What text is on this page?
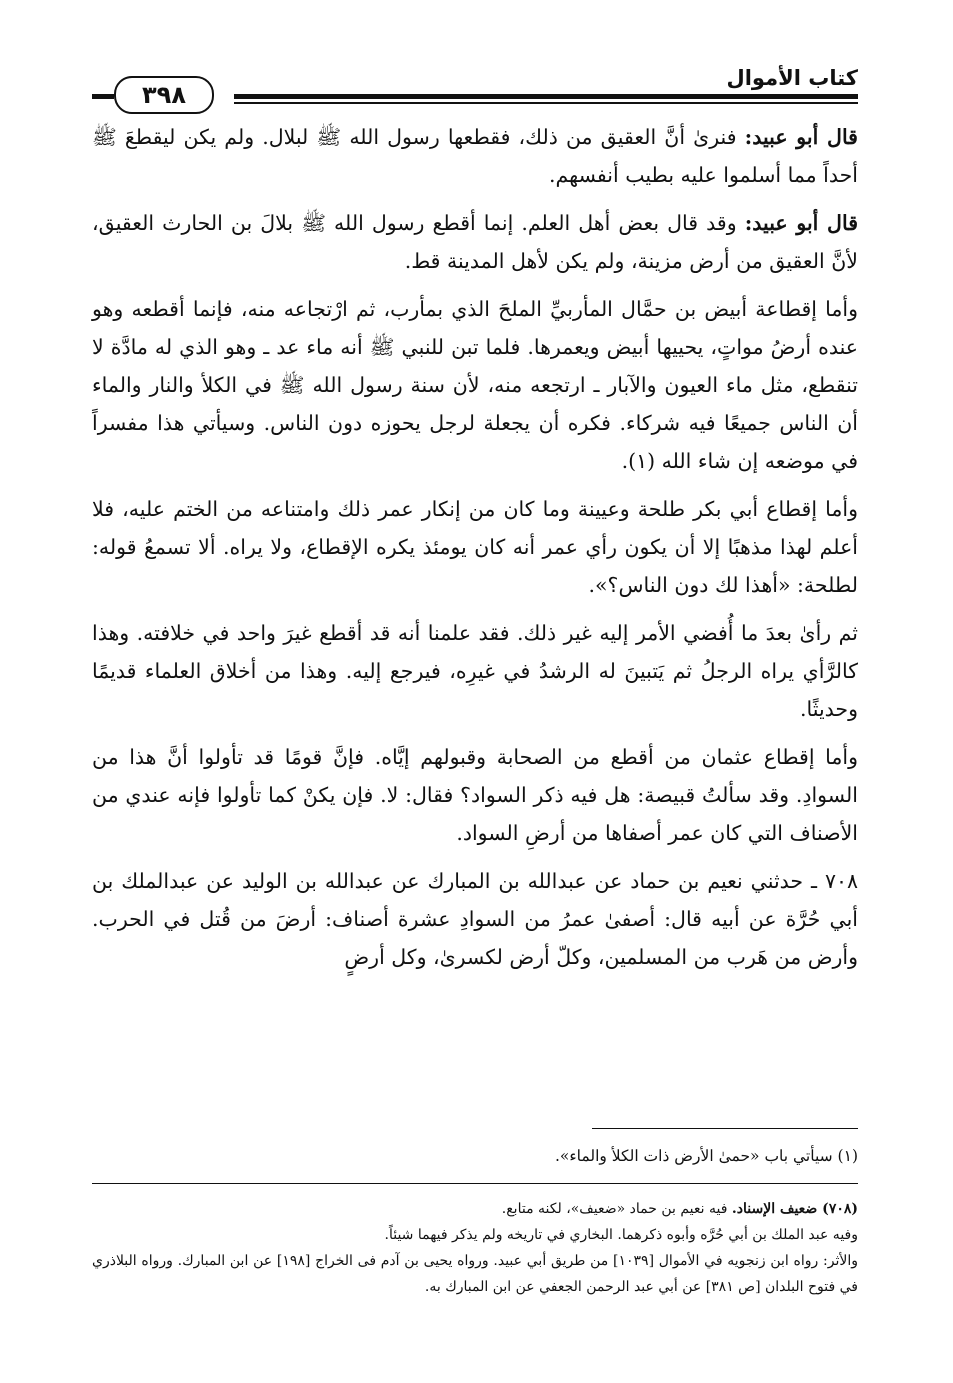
كتاب الأموال
٣٩٨

قال أبو عبيد: فنرىٰ أنَّ العقيق من ذلك، فقطعها رسول الله ﷺ لبلال. ولم يكن ليقطعَ ﷺ أحداً مما أسلموا عليه بطيب أنفسهم.

قال أبو عبيد: وقد قال بعض أهل العلم. إنما أقطع رسول الله ﷺ بلالَ بن الحارث العقيق، لأنَّ العقيق من أرض مزينة، ولم يكن لأهل المدينة قط.

وأما إقطاعة أبيض بن حمَّال المأربيِّ الملحَ الذي بمأرب، ثم ارْتجاعه منه، فإنما أقطعه وهو عنده أرضُ مواتٍ، يحييها أبيض ويعمرها. فلما تبن للنبي ﷺ أنه ماء عد ـ وهو الذي له مادَّة لا تنقطع، مثل ماء العيون والآبار ـ ارتجعه منه، لأن سنة رسول الله ﷺ في الكلأ والنار والماء أن الناس جميعًا فيه شركاء. فكره أن يجعلة لرجل يحوزه دون الناس. وسيأتي هذا مفسراً في موضعه إن شاء الله (١).

وأما إقطاع أبي بكر طلحة وعيينة وما كان من إنكار عمر ذلك وامتناعه من الختم عليه، فلا أعلم لهذا مذهبًا إلا أن يكون رأي عمر أنه كان يومئذ يكره الإقطاع، ولا يراه. ألا تسمعُ قوله: لطلحة: «أهذا لك دون الناس؟».

ثم رأىٰ بعدَ ما أُفضي الأمر إليه غير ذلك. فقد علمنا أنه قد أقطع غيرَ واحد في خلافته. وهذا كالرَّأي يراه الرجلُ ثم يَتبينَ له الرشدُ في غيرِه، فيرجع إليه. وهذا من أخلاق العلماء قديمًا وحديثًا.

وأما إقطاع عثمان من أقطع من الصحابة وقبولهم إيَّاه. فإنَّ قومًا قد تأولوا أنَّ هذا من السوادِ. وقد سألتُ قبيصة: هل فيه ذكر السواد؟ فقال: لا. فإن يكنْ كما تأولوا فإنه عندي من الأصناف التي كان عمر أصفاها من أرضِ السواد.

٧٠٨ ـ حدثني نعيم بن حماد عن عبدالله بن المبارك عن عبدالله بن الوليد عن عبدالملك بن أبي حُرَّة عن أبيه قال: أصفىٰ عمرُ من السوادِ عشرة أصناف: أرضَ من قُتل في الحرب. وأرض من هَرب من المسلمين، وكلّ أرض لكسرىٰ، وكل أرضٍ

(١) سيأتي باب «حمىٰ الأرض ذات الكلأ والماء».

(٧٠٨) ضعيف الإسناد. فيه نعيم بن حماد «ضعيف»، لكنه متابع.

وفيه عبد الملك بن أبي حُرَّه وأبوه ذكرهما. البخاري في تاريخه ولم يذكر فيهما شيئاً.

والأثر: رواه ابن زنجويه في الأموال [١٠٣٩] من طريق أبي عبيد. ورواه يحيى بن آدم فى الخراج [١٩٨] عن ابن المبارك. ورواه البلاذري في فتوح البلدان [ص ٣٨١] عن أبي عبد الرحمن الجعفي عن ابن المبارك به.
